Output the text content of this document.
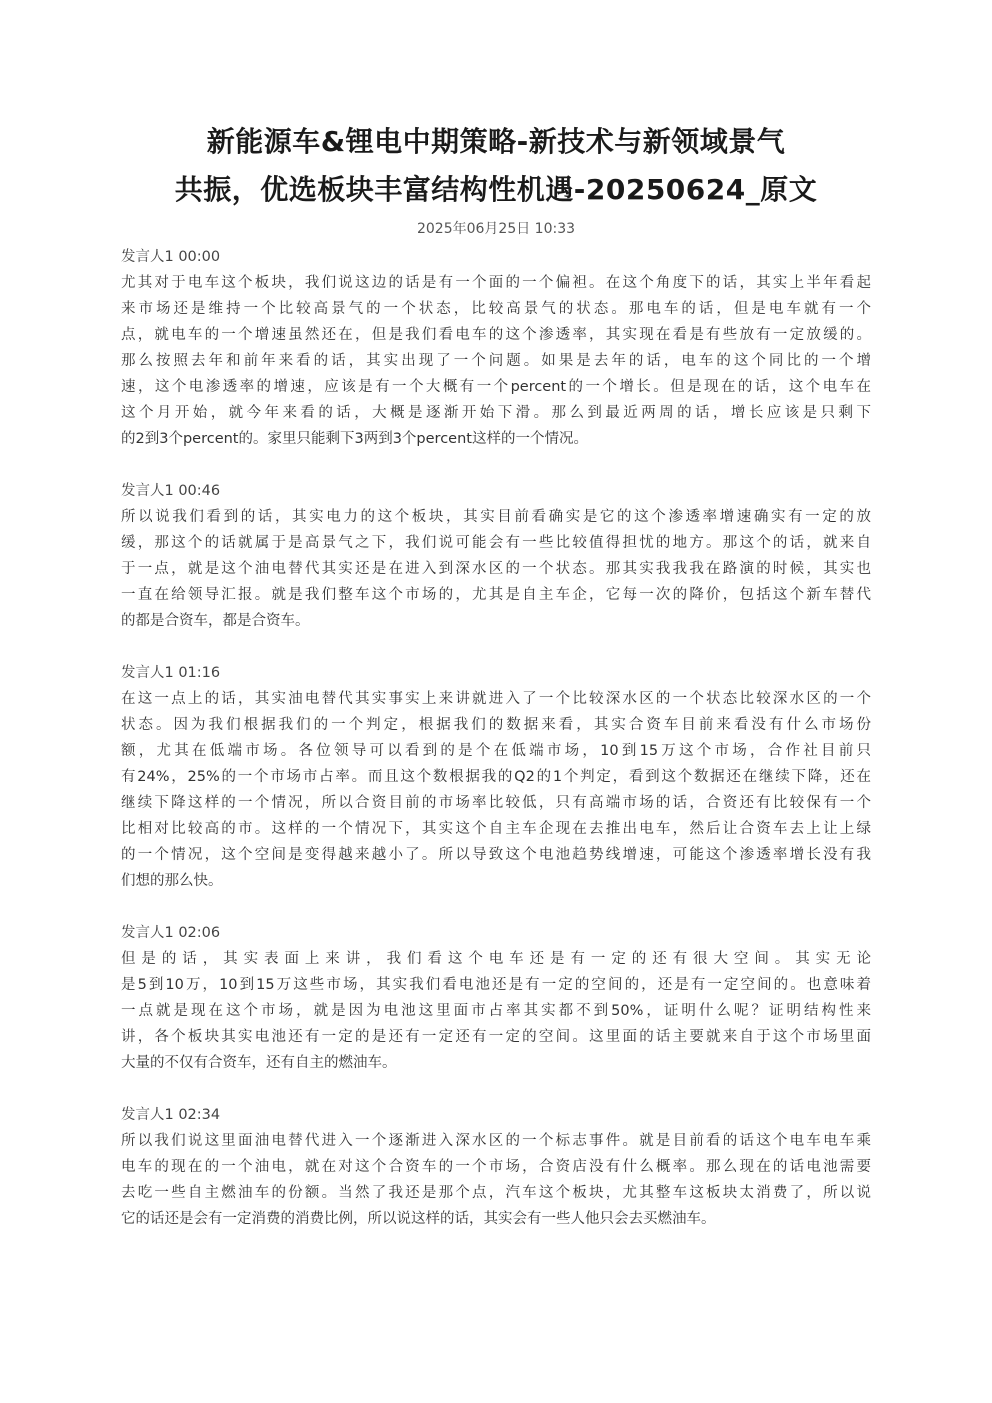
新能源车&锂电中期策略-新技术与新领域景气
共振，优选板块丰富结构性机遇-20250624_原文
2025年06月25日 10:33
发言人1 00:00
尤其对于电车这个板块，我们说这边的话是有一个面的一个偏袒。在这个角度下的话，其实上半年看起
来市场还是维持一个比较高景气的一个状态，比较高景气的状态。那电车的话，但是电车就有一个
点，就电车的一个增速虽然还在，但是我们看电车的这个渗透率，其实现在看是有些放有一定放缓的。
那么按照去年和前年来看的话，其实出现了一个问题。如果是去年的话，电车的这个同比的一个增
速，这个电渗透率的增速，应该是有一个大概有一个percent的一个增长。但是现在的话，这个电车在
这个月开始，就今年来看的话，大概是逐渐开始下滑。那么到最近两周的话，增长应该是只剩下
的2到3个percent的。家里只能剩下3两到3个percent这样的一个情况。
发言人1 00:46
所以说我们看到的话，其实电力的这个板块，其实目前看确实是它的这个渗透率增速确实有一定的放
缓，那这个的话就属于是高景气之下，我们说可能会有一些比较值得担忧的地方。那这个的话，就来自
于一点，就是这个油电替代其实还是在进入到深水区的一个状态。那其实我我我在路演的时候，其实也
一直在给领导汇报。就是我们整车这个市场的，尤其是自主车企，它每一次的降价，包括这个新车替代
的都是合资车，都是合资车。
发言人1 01:16
在这一点上的话，其实油电替代其实事实上来讲就进入了一个比较深水区的一个状态比较深水区的一个
状态。因为我们根据我们的一个判定，根据我们的数据来看，其实合资车目前来看没有什么市场份
额，尤其在低端市场。各位领导可以看到的是个在低端市场，10到15万这个市场，合作社目前只
有24%，25%的一个市场市占率。而且这个数根据我的Q2的1个判定，看到这个数据还在继续下降，还在
继续下降这样的一个情况，所以合资目前的市场率比较低，只有高端市场的话，合资还有比较保有一个
比相对比较高的市。这样的一个情况下，其实这个自主车企现在去推出电车，然后让合资车去上让上绿
的一个情况，这个空间是变得越来越小了。所以导致这个电池趋势线增速，可能这个渗透率增长没有我
们想的那么快。
发言人1 02:06
但是的话，其实表面上来讲，我们看这个电车还是有一定的还有很大空间。其实无论
是5到10万，10到15万这些市场，其实我们看电池还是有一定的空间的，还是有一定空间的。也意味着
一点就是现在这个市场，就是因为电池这里面市占率其实都不到50%，证明什么呢？证明结构性来
讲，各个板块其实电池还有一定的是还有一定还有一定的空间。这里面的话主要就来自于这个市场里面
大量的不仅有合资车，还有自主的燃油车。
发言人1 02:34
所以我们说这里面油电替代进入一个逐渐进入深水区的一个标志事件。就是目前看的话这个电车电车乘
电车的现在的一个油电，就在对这个合资车的一个市场，合资店没有什么概率。那么现在的话电池需要
去吃一些自主燃油车的份额。当然了我还是那个点，汽车这个板块，尤其整车这板块太消费了，所以说
它的话还是会有一定消费的消费比例，所以说这样的话，其实会有一些人他只会去买燃油车。
